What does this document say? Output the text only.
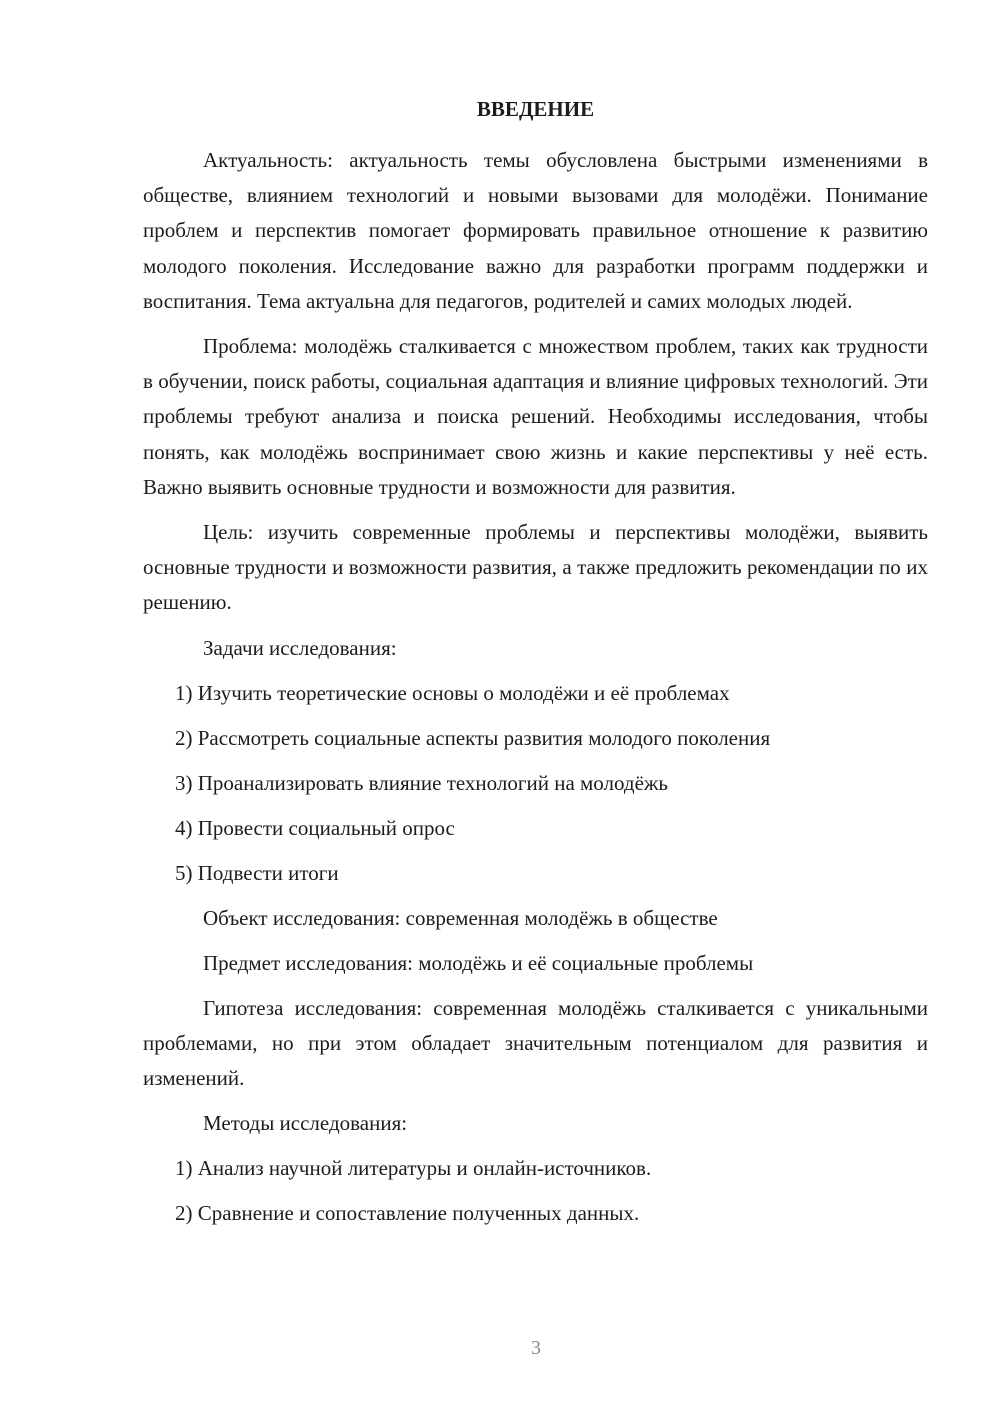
ВВЕДЕНИЕ

Актуальность: актуальность темы обусловлена быстрыми изменениями в обществе, влиянием технологий и новыми вызовами для молодёжи. Понимание проблем и перспектив помогает формировать правильное отношение к развитию молодого поколения. Исследование важно для разработки программ поддержки и воспитания. Тема актуальна для педагогов, родителей и самих молодых людей.

Проблема: молодёжь сталкивается с множеством проблем, таких как трудности в обучении, поиск работы, социальная адаптация и влияние цифровых технологий. Эти проблемы требуют анализа и поиска решений. Необходимы исследования, чтобы понять, как молодёжь воспринимает свою жизнь и какие перспективы у неё есть. Важно выявить основные трудности и возможности для развития.

Цель: изучить современные проблемы и перспективы молодёжи, выявить основные трудности и возможности развития, а также предложить рекомендации по их решению.

Задачи исследования:

1) Изучить теоретические основы о молодёжи и её проблемах

2) Рассмотреть социальные аспекты развития молодого поколения

3) Проанализировать влияние технологий на молодёжь

4) Провести социальный опрос

5) Подвести итоги

Объект исследования: современная молодёжь в обществе

Предмет исследования: молодёжь и её социальные проблемы

Гипотеза исследования: современная молодёжь сталкивается с уникальными проблемами, но при этом обладает значительным потенциалом для развития и изменений.

Методы исследования:

1) Анализ научной литературы и онлайн-источников.

2) Сравнение и сопоставление полученных данных.

3
